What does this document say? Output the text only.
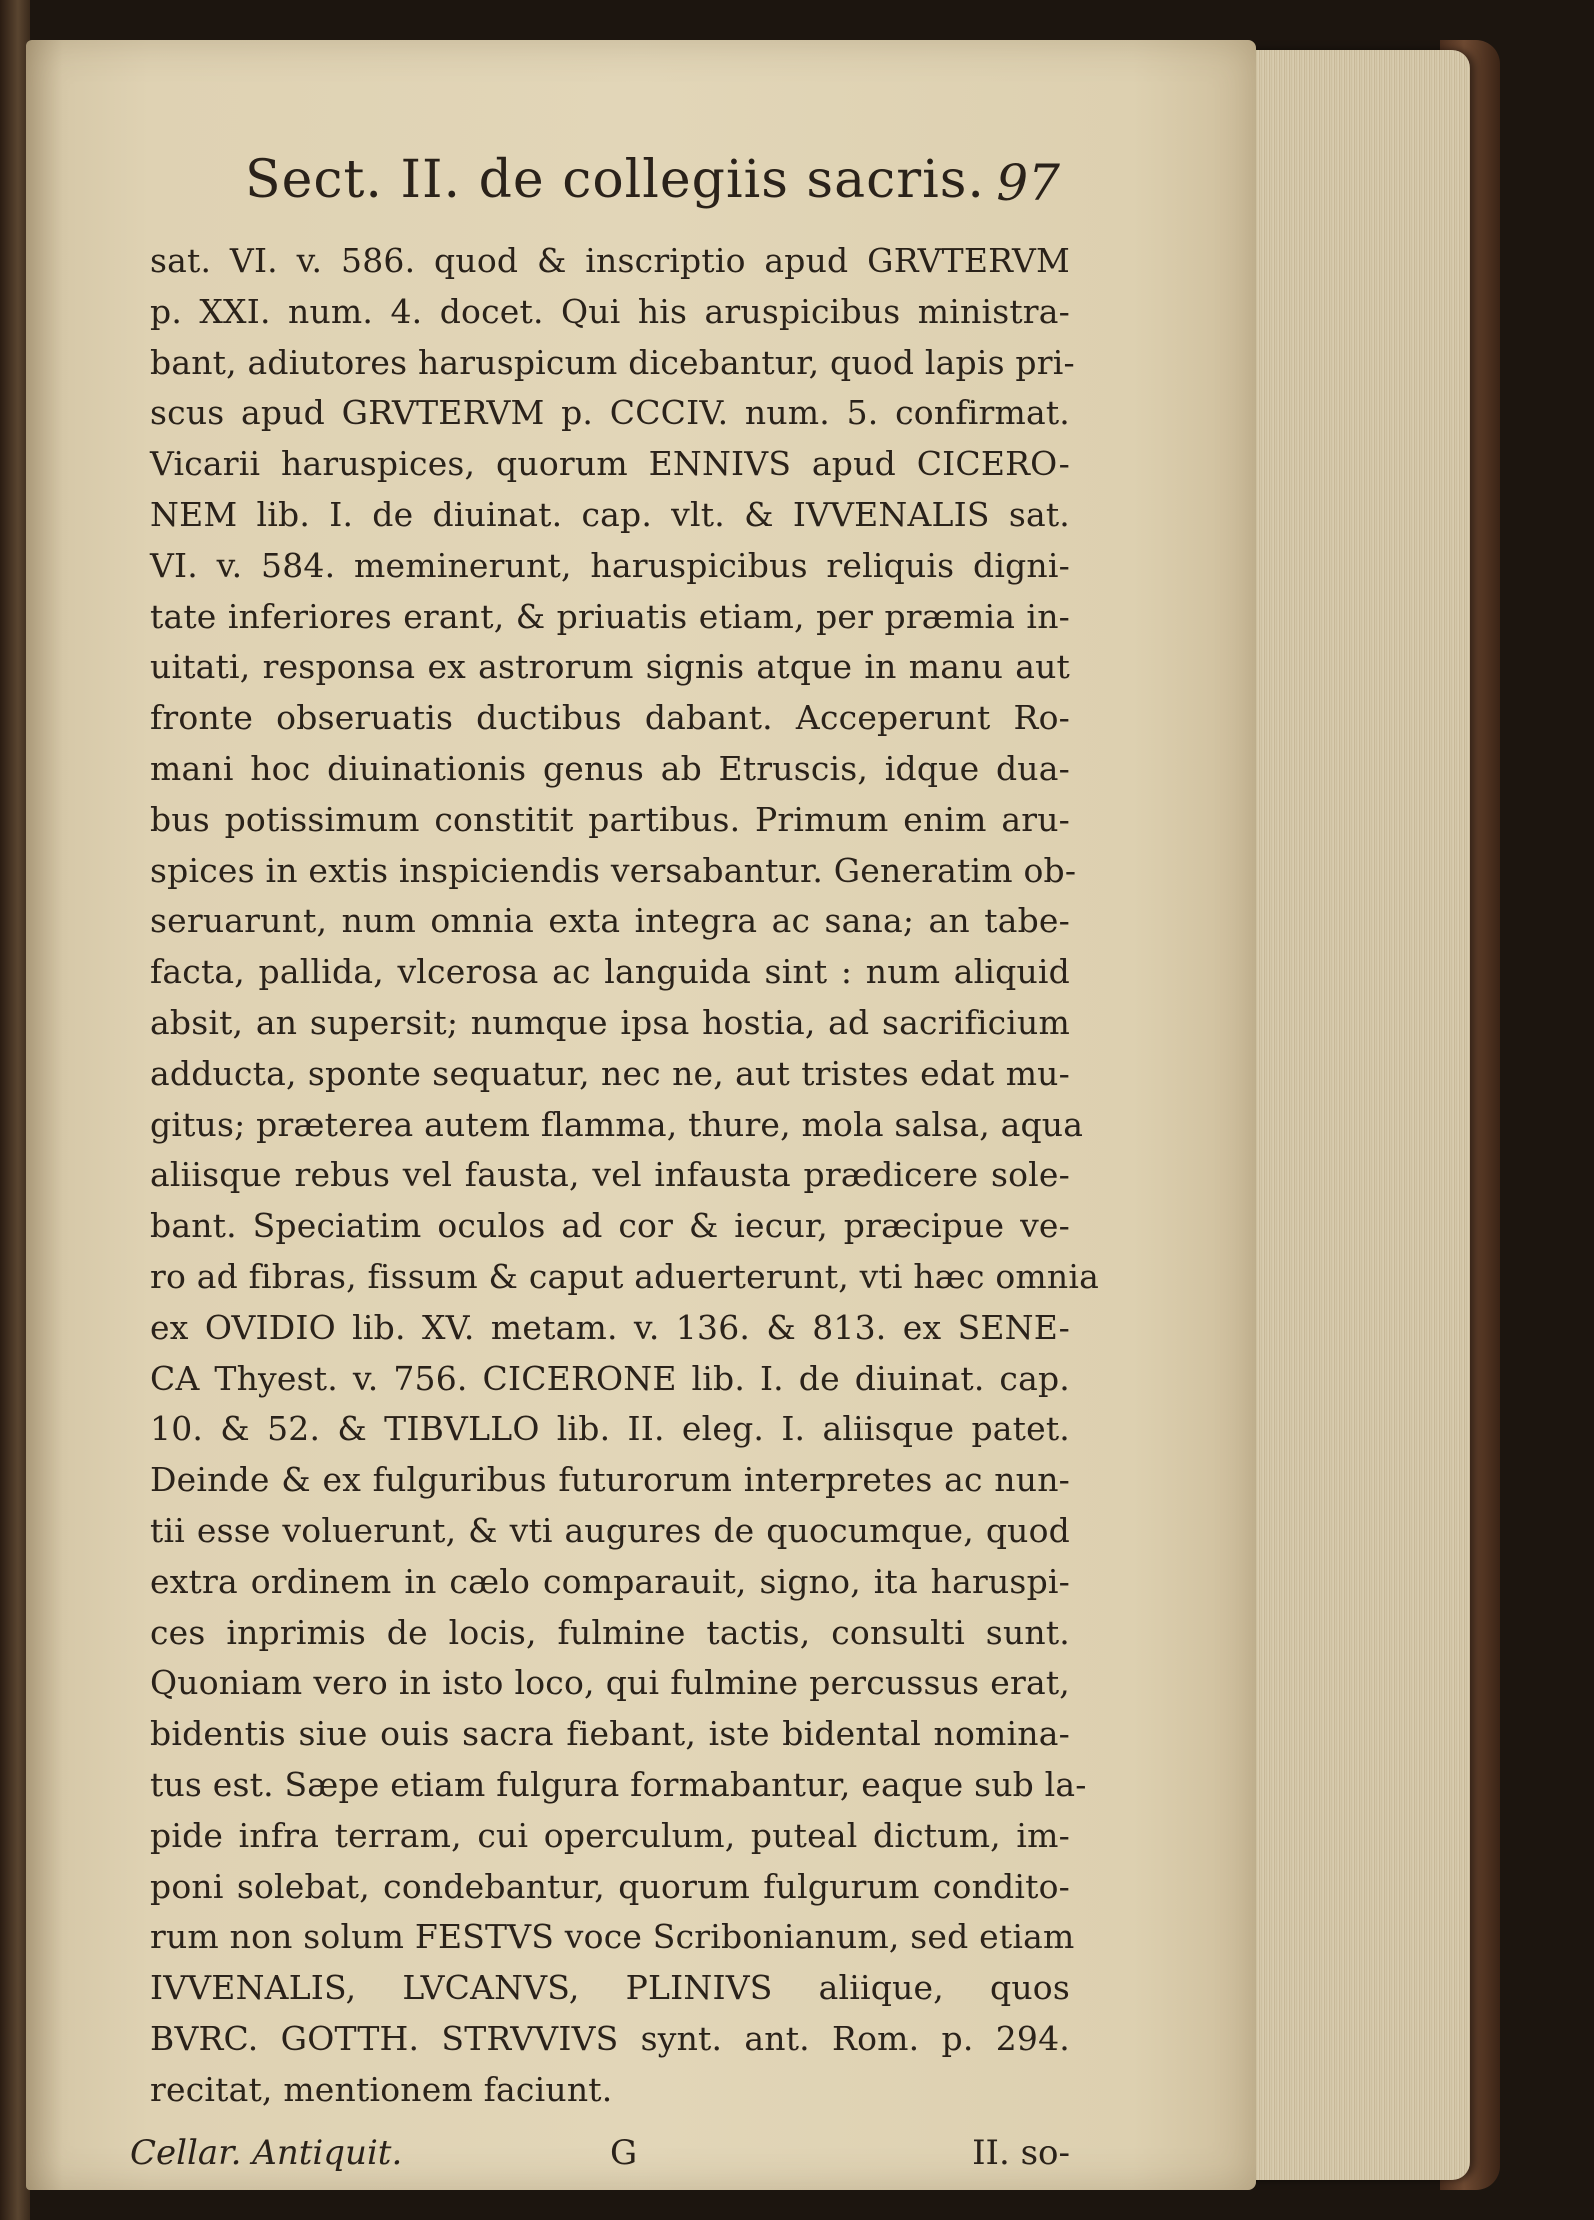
Sect. II. de collegiis sacris. 97
sat. VI. v. 586. quod & inscriptio apud GRVTERVM
p. XXI. num. 4. docet. Qui his aruspicibus ministra-
bant, adiutores haruspicum dicebantur, quod lapis pri-
scus apud GRVTERVM p. CCCIV. num. 5. confirmat.
Vicarii haruspices, quorum ENNIVS apud CICERO-
NEM lib. I. de diuinat. cap. vlt. & IVVENALIS sat.
VI. v. 584. meminerunt, haruspicibus reliquis digni-
tate inferiores erant, & priuatis etiam, per præmia in-
uitati, responsa ex astrorum signis atque in manu aut
fronte obseruatis ductibus dabant. Acceperunt Ro-
mani hoc diuinationis genus ab Etruscis, idque dua-
bus potissimum constitit partibus. Primum enim aru-
spices in extis inspiciendis versabantur. Generatim ob-
seruarunt, num omnia exta integra ac sana; an tabe-
facta, pallida, vlcerosa ac languida sint : num aliquid
absit, an supersit; numque ipsa hostia, ad sacrificium
adducta, sponte sequatur, nec ne, aut tristes edat mu-
gitus; præterea autem flamma, thure, mola salsa, aqua
aliisque rebus vel fausta, vel infausta prædicere sole-
bant. Speciatim oculos ad cor & iecur, præcipue ve-
ro ad fibras, fissum & caput aduerterunt, vti hæc omnia
ex OVIDIO lib. XV. metam. v. 136. & 813. ex SENE-
CA Thyest. v. 756. CICERONE lib. I. de diuinat. cap.
10. & 52. & TIBVLLO lib. II. eleg. I. aliisque patet.
Deinde & ex fulguribus futurorum interpretes ac nun-
tii esse voluerunt, & vti augures de quocumque, quod
extra ordinem in cælo comparauit, signo, ita haruspi-
ces inprimis de locis, fulmine tactis, consulti sunt.
Quoniam vero in isto loco, qui fulmine percussus erat,
bidentis siue ouis sacra fiebant, iste bidental nomina-
tus est. Sæpe etiam fulgura formabantur, eaque sub la-
pide infra terram, cui operculum, puteal dictum, im-
poni solebat, condebantur, quorum fulgurum condito-
rum non solum FESTVS voce Scribonianum, sed etiam
IVVENALIS, LVCANVS, PLINIVS aliique, quos
BVRC. GOTTH. STRVVIVS synt. ant. Rom. p. 294.
recitat, mentionem faciunt.
Cellar. Antiquit.	G	II. so-
